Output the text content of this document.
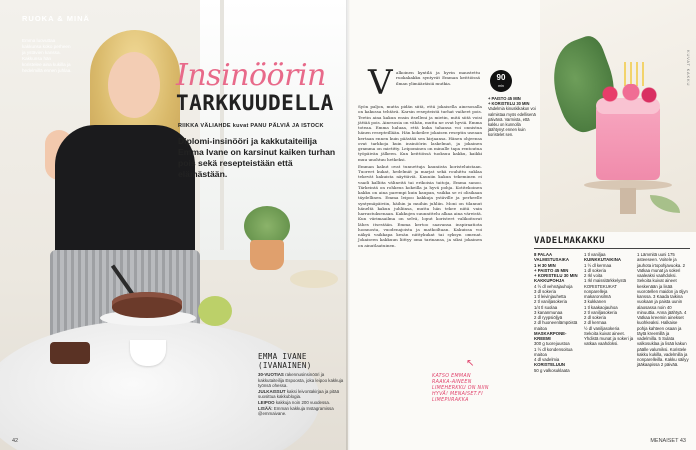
RUOKA & MINÄ
Emma luovuttaa kakkunsa koko perheen ja ystävien kanssa. Kakkunsa hän koristelee aina kukilla ja hedelmillä ennen juhlaa.	Insinöörin
TARKKUUDELLA
RIIKKA VÄLIAHDE kuvat PANU PÄLVIÄ JA ISTOCK
Diplomi-insinööri ja kakkutaiteilija Emma Ivane on karsinut kaiken turhan pois sekä resepteistään että elämästään.
EMMA IVANE (IVANAINEN)
30-VUOTIAS rakennusinsinööri ja kakkutaiteilija Espoosta, joka leipoo kakkuja työnsä ohessa.
JULKAISSUT kaksi leivontakirjaa ja pitää suosittua kakkublogia.
LEIPOO kakkuja noin 200 vuodessa.
LISÄÄ: Emman kakkuja Instagramissa @emmaivane.
42
V alkoinen kyntilä ja hyvin maustettu ruokakakku syntyvät Emman keittiössä ilman ylimääräisiä mutkia.
Syön paljon, mutta pidän siitä, että jokaisella ainesosalla on kakussa tehtävä. Karsin resepteistä turhat vaiheet pois. Teetin aina kakun ensin itselleni ja mietin, mitä siitä voisi jättää pois. Ainesosia on vähän, mutta ne ovat hyviä. Emma toteaa. Emma haluaa, että kuka tahansa voi onnistua hänen resepteillään. Hän kokeilee jokaisen reseptin useaan kertaan ennen kuin päästää sen kirjaansa. Hänen ohjeensa ovat tarkkoja kuin insinöörin laskelmat, ja jokainen gramma on mietitty. Leipominen on minulle tapa rentoutua työpäivän jälkeen. Kun keittiössä tuoksuu kakku, kaikki muu unohtuu hetkeksi.
Emman kakut ovat tunnettuja kauniista koristeluistaan. Tuoreet kukat, hedelmät ja marjat sekä rouhittu suklaa tekevät kakuista näyttäviä. Kauniin kakun tekeminen ei vaadi kalliita välineitä tai erikoisia taitoja, Emma sanoo. Tärkeintä on rohkeus kokeilla ja hyvä pohja. Kotitekoinen kakku on aina parempi kuin kaupan, vaikka se ei olisikaan täydellinen. Emma leipoo kakkuja ystäville ja perheelle syntymäpäiviin, häihin ja muihin juhliin. Moni on tilannut häneltä kakun juhliinsa, mutta hän tekee niitä vain harrastuksenaan. Kakkujen suunnittelu alkaa aina väreistä. Kun värimaailma on selvä, loput koristeet valikoituvat lähes itsestään. Emma kertoo saavansa inspiraatiota luonnosta, vuodenajoista ja matkoiltaan. Kakuissa voi näkyä vaikkapa kesän niittykukat tai syksyn omenat. Jokaiseen kakkuun liittyy oma tarinansa, ja siksi jokainen on ainutlaatuinen.
↖
KATSO EMMAN RAAKA-AINEEN LIMEHERKKU ON NIIN HYVÄ! MENAISET.FI LIMEPIIRAKKA
90
min
+ PAISTO 45 MIN
+ KORISTELU 30 MIN
Vadelmia kinuskikakun voi valmistaa myös edellisenä päivänä. Varmista, että kakku on kunnolla jäähtynyt ennen kuin koristelet sen.
KUVAT KAKKU
VADELMAKAKKU
8 PALAA
VALMISTUSAIKA
1 H 30 MIN
+ PAISTO 45 MIN
+ KORISTELU 30 MIN
KAKKUPOHJA
4 ½ dl vehnäjauhoja
3 dl sokeria
1 tl leivinjauhetta
2 tl vaniljasokeria
1/4 tl suolaa
3 kananmunaa
2 dl ryypsiöljyä
2 dl huoneenlämpöistä maitoa
MASKARPONE-KREEMI
300 g tuorejuustoa
1 ½ dl kondensoitua maitoa
4 dl vadelmia
KORISTELUUN
50 g valkosuklaata
1 tl vaniljaa
KUINKKUTAIKINA
1 ½ dl kermaa
1 dl sokeria
2 rkl voita
1 rkl maissitärkkelystä
KORISTEKUKAT
nonparelleja
makaronsilmä
3 kukkanen
1 tl kaakaojauhoa
2 tl vaniljasokeria
2 dl sokeria
2 dl kermaa
½ dl vaniljasokeria
Sekoita kuivat aineet.
Yhdistä munat ja sokeri ja vatkaa vaahdoksi.
1 Lämmitä uuni 175 asteeseen. Voitele ja jauhota irtopohjavuoka. 2 Vatkaa munat ja sokeri vaaleaksi vaahdoksi. Sekoita kuivat aineet keskenään ja lisää vuorotellen maidon ja öljyn kanssa. 3 Kaada taikina vuokaan ja paista uunin alaosassa noin 40 minuuttia. Anna jäähtyä. 4 Vatkaa kreemin ainekset kuohkeaksi. Halkaise pohja kahteen osaan ja täytä kreemillä ja vadelmilla. 5 Sulata valkosuklaa ja lisää kakun päälle valumiksi. Koristele kakku kukilla, vadelmilla ja nonparelleilla. Kakku säilyy jääkaapissa 2 päivää.
MENAISET 43
